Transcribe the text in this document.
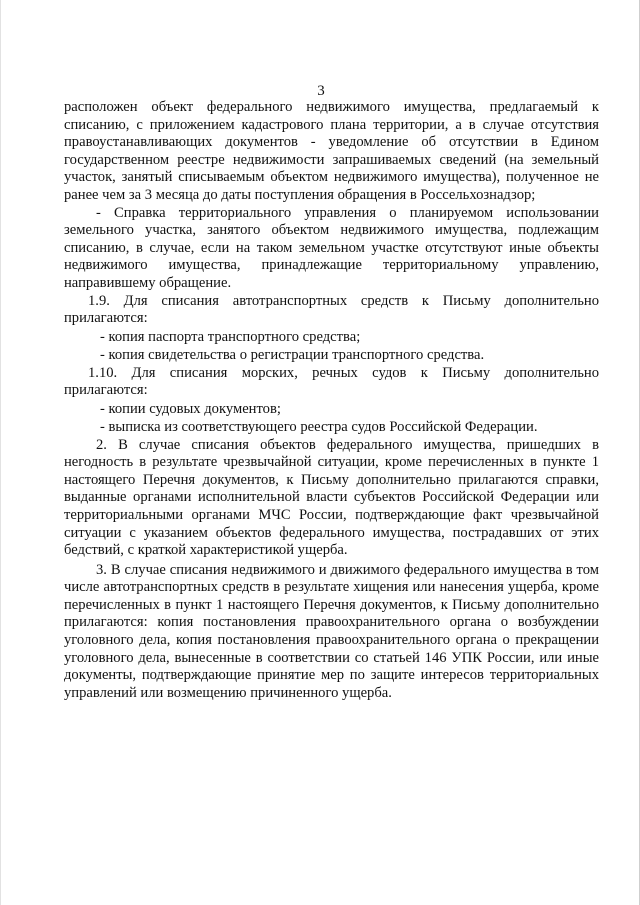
3

расположен объект федерального недвижимого имущества, предлагаемый к списанию, с приложением кадастрового плана территории, а в случае отсутствия правоустанавливающих документов - уведомление об отсутствии в Едином государственном реестре недвижимости запрашиваемых сведений (на земельный участок, занятый списываемым объектом недвижимого имущества), полученное не ранее чем за 3 месяца до даты поступления обращения в Россельхознадзор;

- Справка территориального управления о планируемом использовании земельного участка, занятого объектом недвижимого имущества, подлежащим списанию, в случае, если на таком земельном участке отсутствуют иные объекты недвижимого имущества, принадлежащие территориальному управлению, направившему обращение.

1.9. Для списания автотранспортных средств к Письму дополнительно прилагаются:

- копия паспорта транспортного средства;

- копия свидетельства о регистрации транспортного средства.

1.10. Для списания морских, речных судов к Письму дополнительно прилагаются:

- копии судовых документов;

- выписка из соответствующего реестра судов Российской Федерации.

2. В случае списания объектов федерального имущества, пришедших в негодность в результате чрезвычайной ситуации, кроме перечисленных в пункте 1 настоящего Перечня документов, к Письму дополнительно прилагаются справки, выданные органами исполнительной власти субъектов Российской Федерации или территориальными органами МЧС России, подтверждающие факт чрезвычайной ситуации с указанием объектов федерального имущества, пострадавших от этих бедствий, с краткой характеристикой ущерба.

3. В случае списания недвижимого и движимого федерального имущества в том числе автотранспортных средств в результате хищения или нанесения ущерба, кроме перечисленных в пункт 1 настоящего Перечня документов, к Письму дополнительно прилагаются: копия постановления правоохранительного органа о возбуждении уголовного дела, копия постановления правоохранительного органа о прекращении уголовного дела, вынесенные в соответствии со статьей 146 УПК России, или иные документы, подтверждающие принятие мер по защите интересов территориальных управлений или возмещению причиненного ущерба.
